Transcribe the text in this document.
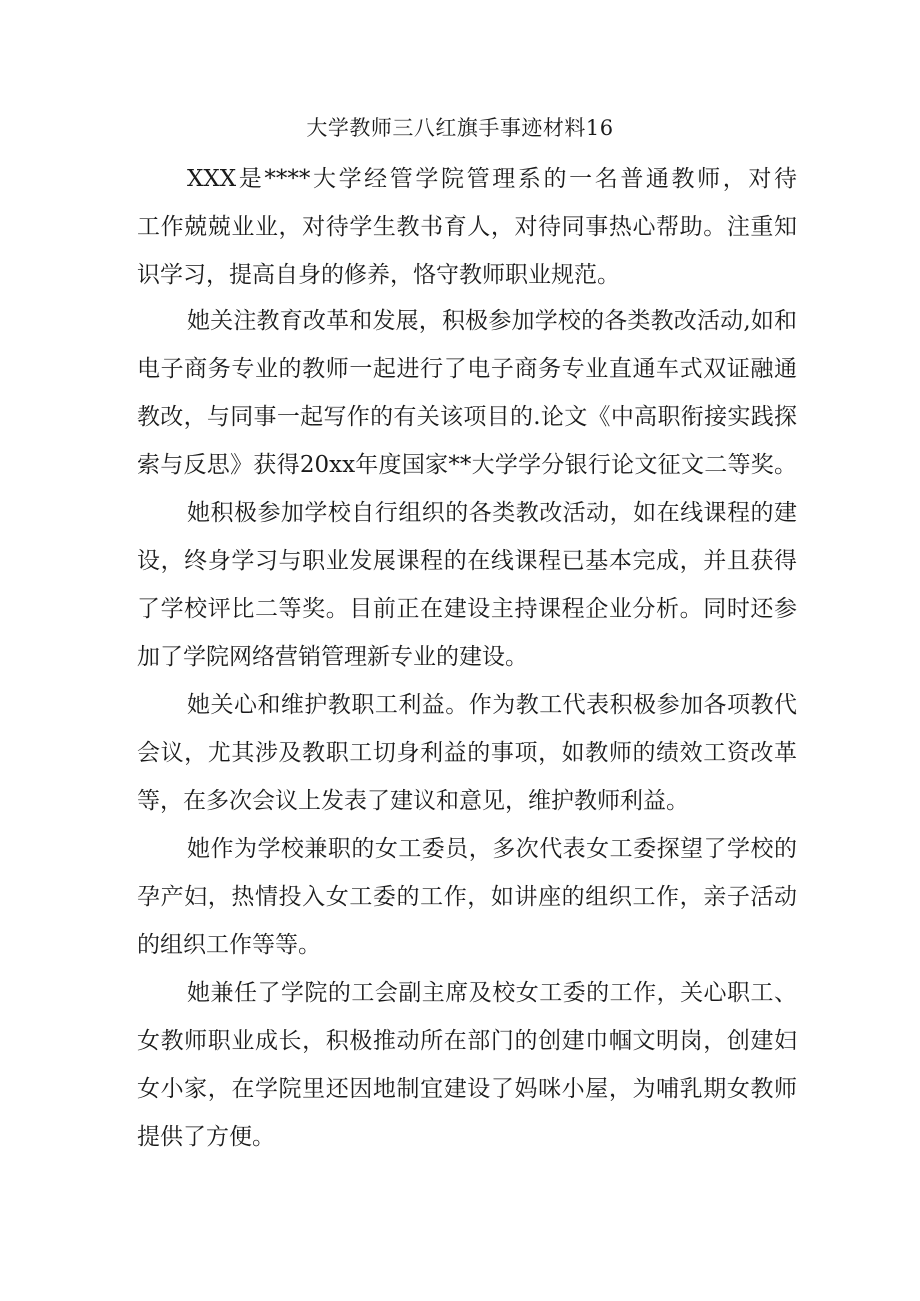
大学教师三八红旗手事迹材料16

XXX是****大学经管学院管理系的一名普通教师，对待

工作兢兢业业，对待学生教书育人，对待同事热心帮助。注重知

识学习，提高自身的修养，恪守教师职业规范。

她关注教育改革和发展，积极参加学校的各类教改活动,如和

电子商务专业的教师一起进行了电子商务专业直通车式双证融通

教改，与同事一起写作的有关该项目的.论文《中高职衔接实践探

索与反思》获得20xx年度国家**大学学分银行论文征文二等奖。

她积极参加学校自行组织的各类教改活动，如在线课程的建

设，终身学习与职业发展课程的在线课程已基本完成，并且获得

了学校评比二等奖。目前正在建设主持课程企业分析。同时还参

加了学院网络营销管理新专业的建设。

她关心和维护教职工利益。作为教工代表积极参加各项教代

会议，尤其涉及教职工切身利益的事项，如教师的绩效工资改革

等，在多次会议上发表了建议和意见，维护教师利益。

她作为学校兼职的女工委员，多次代表女工委探望了学校的

孕产妇，热情投入女工委的工作，如讲座的组织工作，亲子活动

的组织工作等等。

她兼任了学院的工会副主席及校女工委的工作，关心职工、

女教师职业成长，积极推动所在部门的创建巾帼文明岗，创建妇

女小家，在学院里还因地制宜建设了妈咪小屋，为哺乳期女教师

提供了方便。
